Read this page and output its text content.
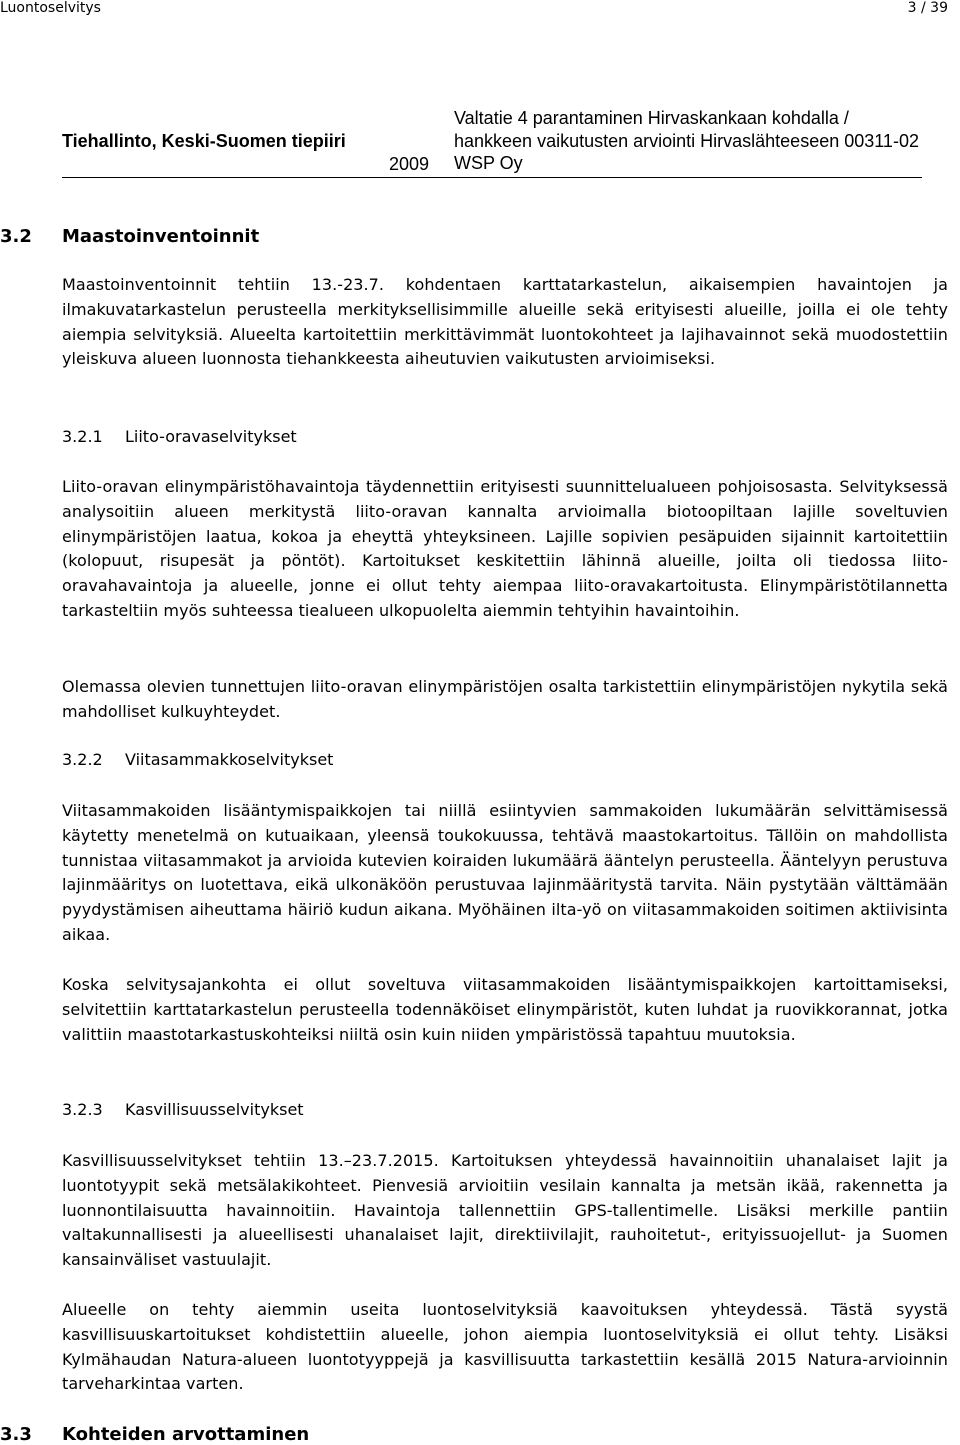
Luontoselvitys	3 / 39
Tiehallinto, Keski-Suomen tiepiiri
2009
Valtatie 4 parantaminen Hirvaskankaan kohdalla / hankkeen vaikutusten arviointi Hirvaslähteeseen 00311-02 WSP Oy
3.2 Maastoinventoinnit

Maastoinventoinnit tehtiin 13.-23.7. kohdentaen karttatarkastelun, aikaisempien havaintojen ja ilmakuvatarkastelun perusteella merkityksellisimmille alueille sekä erityisesti alueille, joilla ei ole tehty aiempia selvityksiä. Alueelta kartoitettiin merkittävimmät luontokohteet ja lajihavainnot sekä muodostettiin yleiskuva alueen luonnosta tiehankkeesta aiheutuvien vaikutusten arvioimiseksi.

3.2.1 Liito-oravaselvitykset

Liito-oravan elinympäristöhavaintoja täydennettiin erityisesti suunnittelualueen pohjoisosasta. Selvityksessä analysoitiin alueen merkitystä liito-oravan kannalta arvioimalla biotoopiltaan lajille soveltuvien elinympäristöjen laatua, kokoa ja eheyttä yhteyksineen. Lajille sopivien pesäpuiden sijainnit kartoitettiin (kolopuut, risupesät ja pöntöt). Kartoitukset keskitettiin lähinnä alueille, joilta oli tiedossa liito-oravahavaintoja ja alueelle, jonne ei ollut tehty aiempaa liito-oravakartoitusta. Elinympäristötilannetta tarkasteltiin myös suhteessa tiealueen ulkopuolelta aiemmin tehtyihin havaintoihin.

Olemassa olevien tunnettujen liito-oravan elinympäristöjen osalta tarkistettiin elinympäristöjen nykytila sekä mahdolliset kulkuyhteydet.

3.2.2 Viitasammakkoselvitykset

Viitasammakoiden lisääntymispaikkojen tai niillä esiintyvien sammakoiden lukumäärän selvittämisessä käytetty menetelmä on kutuaikaan, yleensä toukokuussa, tehtävä maastokartoitus. Tällöin on mahdollista tunnistaa viitasammakot ja arvioida kutevien koiraiden lukumäärä ääntelyn perusteella. Ääntelyyn perustuva lajinmääritys on luotettava, eikä ulkonäköön perustuvaa lajinmääritystä tarvita. Näin pystytään välttämään pyydystämisen aiheuttama häiriö kudun aikana. Myöhäinen ilta-yö on viitasammakoiden soitimen aktiivisinta aikaa.

Koska selvitysajankohta ei ollut soveltuva viitasammakoiden lisääntymispaikkojen kartoittamiseksi, selvitettiin karttatarkastelun perusteella todennäköiset elinympäristöt, kuten luhdat ja ruovikkorannat, jotka valittiin maastotarkastuskohteiksi niiltä osin kuin niiden ympäristössä tapahtuu muutoksia.

3.2.3 Kasvillisuusselvitykset

Kasvillisuusselvitykset tehtiin 13.–23.7.2015. Kartoituksen yhteydessä havainnoitiin uhanalaiset lajit ja luontotyypit sekä metsälakikohteet. Pienvesiä arvioitiin vesilain kannalta ja metsän ikää, rakennetta ja luonnontilaisuutta havainnoitiin. Havaintoja tallennettiin GPS-tallentimelle. Lisäksi merkille pantiin valtakunnallisesti ja alueellisesti uhanalaiset lajit, direktiivilajit, rauhoitetut-, erityissuojellut- ja Suomen kansainväliset vastuulajit.

Alueelle on tehty aiemmin useita luontoselvityksiä kaavoituksen yhteydessä. Tästä syystä kasvillisuuskartoitukset kohdistettiin alueelle, johon aiempia luontoselvityksiä ei ollut tehty. Lisäksi Kylmähaudan Natura-alueen luontotyyppejä ja kasvillisuutta tarkastettiin kesällä 2015 Natura-arvioinnin tarveharkintaa varten.

3.3 Kohteiden arvottaminen
